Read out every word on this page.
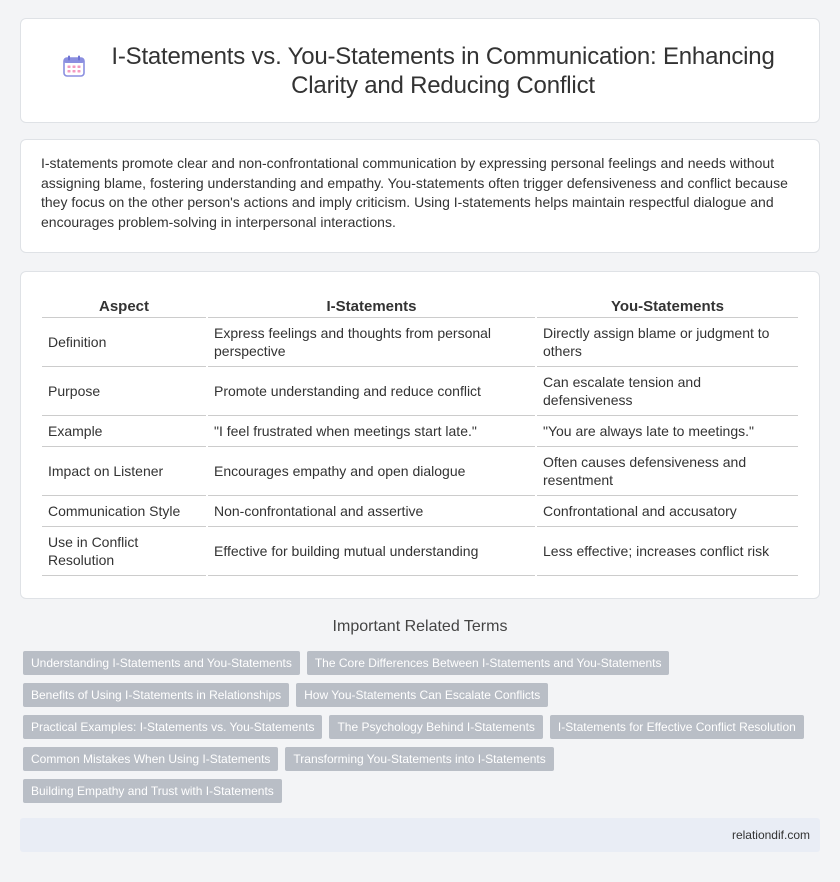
I-Statements vs. You-Statements in Communication: Enhancing Clarity and Reducing Conflict

I-statements promote clear and non-confrontational communication by expressing personal feelings and needs without assigning blame, fostering understanding and empathy. You-statements often trigger defensiveness and conflict because they focus on the other person's actions and imply criticism. Using I-statements helps maintain respectful dialogue and encourages problem-solving in interpersonal interactions.

Aspect	I-Statements	You-Statements
Definition	Express feelings and thoughts from personal perspective	Directly assign blame or judgment to others
Purpose	Promote understanding and reduce conflict	Can escalate tension and defensiveness
Example	"I feel frustrated when meetings start late."	"You are always late to meetings."
Impact on Listener	Encourages empathy and open dialogue	Often causes defensiveness and resentment
Communication Style	Non-confrontational and assertive	Confrontational and accusatory
Use in Conflict Resolution	Effective for building mutual understanding	Less effective; increases conflict risk
Important Related Terms
Understanding I-Statements and You-Statements	The Core Differences Between I-Statements and You-Statements
Benefits of Using I-Statements in Relationships	How You-Statements Can Escalate Conflicts
Practical Examples: I-Statements vs. You-Statements	The Psychology Behind I-Statements	I-Statements for Effective Conflict Resolution
Common Mistakes When Using I-Statements	Transforming You-Statements into I-Statements
Building Empathy and Trust with I-Statements
relationdif.com
